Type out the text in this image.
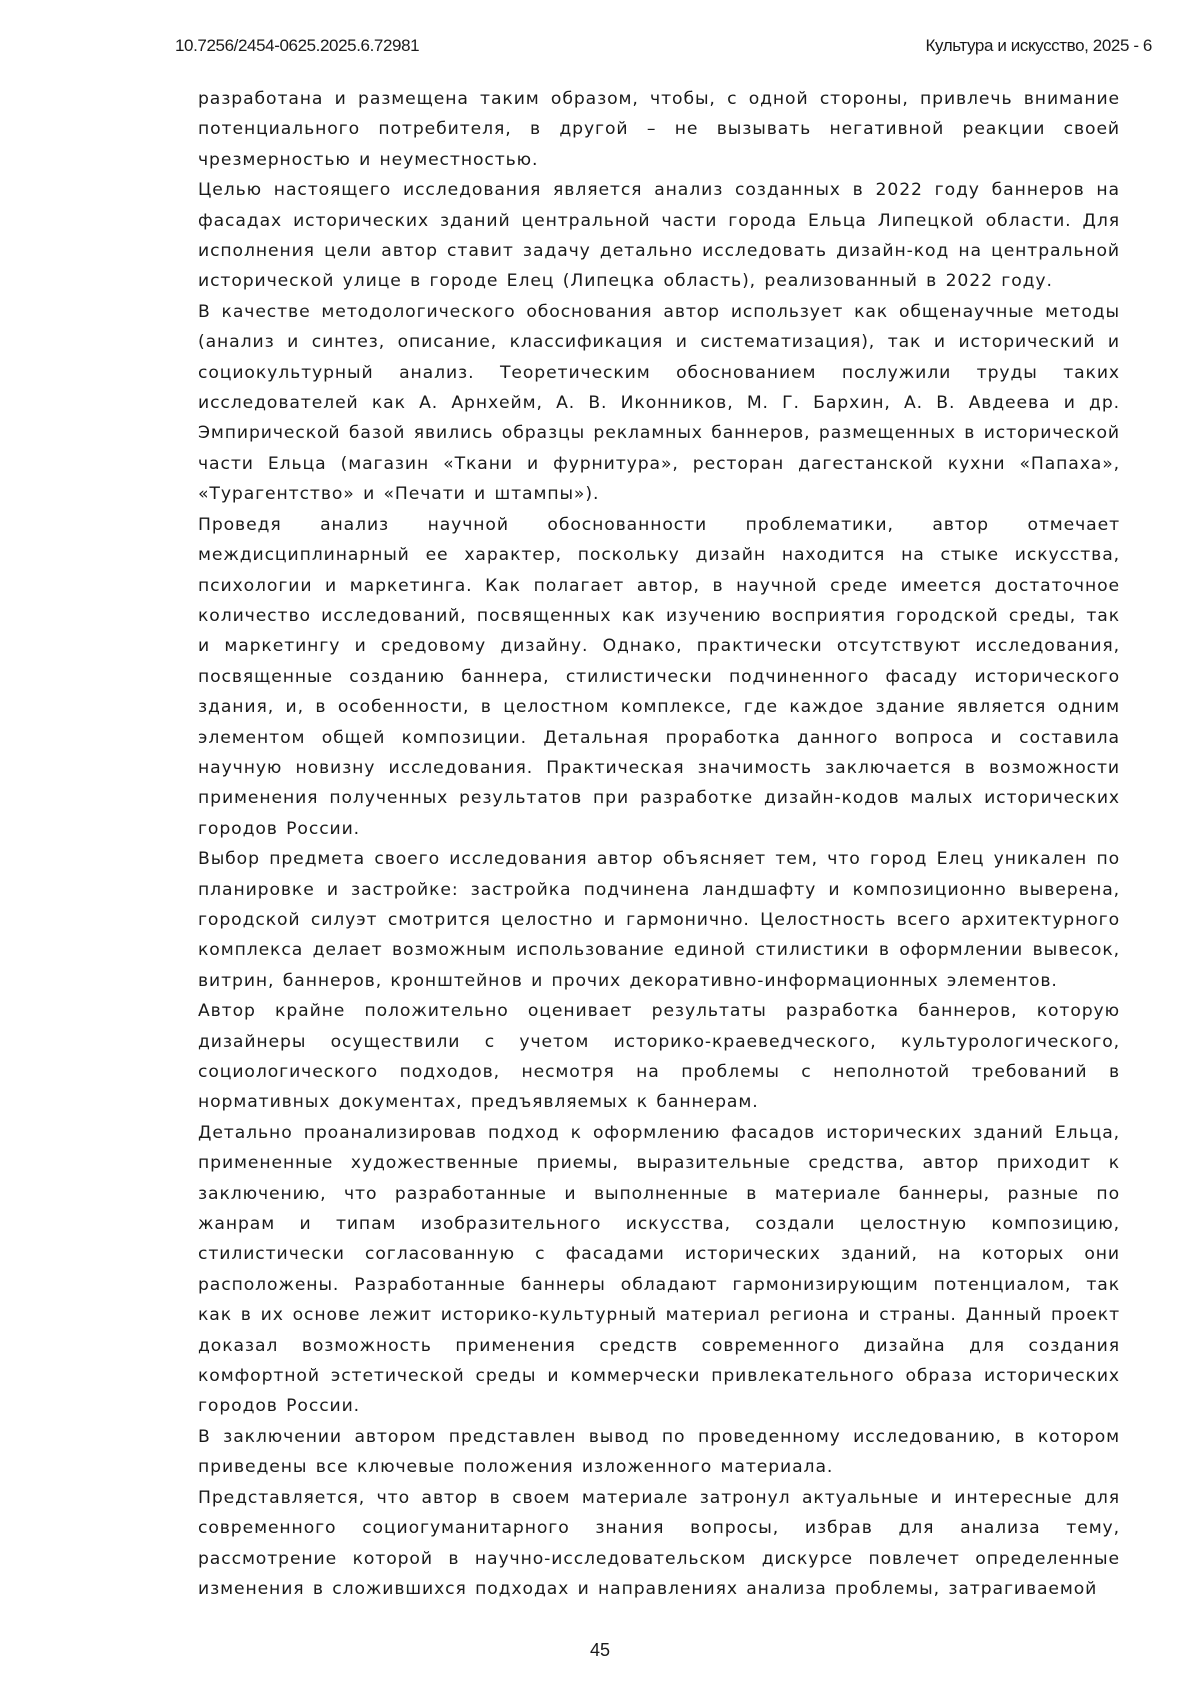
10.7256/2454-0625.2025.6.72981	Культура и искусство, 2025 - 6

разработана и размещена таким образом, чтобы, с одной стороны, привлечь внимание потенциального потребителя, в другой – не вызывать негативной реакции своей чрезмерностью и неуместностью.

Целью настоящего исследования является анализ созданных в 2022 году баннеров на фасадах исторических зданий центральной части города Ельца Липецкой области. Для исполнения цели автор ставит задачу детально исследовать дизайн-код на центральной исторической улице в городе Елец (Липецка область), реализованный в 2022 году.

В качестве методологического обоснования автор использует как общенаучные методы (анализ и синтез, описание, классификация и систематизация), так и исторический и социокультурный анализ. Теоретическим обоснованием послужили труды таких исследователей как А. Арнхейм, А. В. Иконников, М. Г. Бархин, А. В. Авдеева и др. Эмпирической базой явились образцы рекламных баннеров, размещенных в исторической части Ельца (магазин «Ткани и фурнитура», ресторан дагестанской кухни «Папаха», «Турагентство» и «Печати и штампы»).

Проведя анализ научной обоснованности проблематики, автор отмечает междисциплинарный ее характер, поскольку дизайн находится на стыке искусства, психологии и маркетинга. Как полагает автор, в научной среде имеется достаточное количество исследований, посвященных как изучению восприятия городской среды, так и маркетингу и средовому дизайну. Однако, практически отсутствуют исследования, посвященные созданию баннера, стилистически подчиненного фасаду исторического здания, и, в особенности, в целостном комплексе, где каждое здание является одним элементом общей композиции. Детальная проработка данного вопроса и составила научную новизну исследования. Практическая значимость заключается в возможности применения полученных результатов при разработке дизайн-кодов малых исторических городов России.

Выбор предмета своего исследования автор объясняет тем, что город Елец уникален по планировке и застройке: застройка подчинена ландшафту и композиционно выверена, городской силуэт смотрится целостно и гармонично. Целостность всего архитектурного комплекса делает возможным использование единой стилистики в оформлении вывесок, витрин, баннеров, кронштейнов и прочих декоративно-информационных элементов.

Автор крайне положительно оценивает результаты разработка баннеров, которую дизайнеры осуществили с учетом историко-краеведческого, культурологического, социологического подходов, несмотря на проблемы с неполнотой требований в нормативных документах, предъявляемых к баннерам.

Детально проанализировав подход к оформлению фасадов исторических зданий Ельца, примененные художественные приемы, выразительные средства, автор приходит к заключению, что разработанные и выполненные в материале баннеры, разные по жанрам и типам изобразительного искусства, создали целостную композицию, стилистически согласованную с фасадами исторических зданий, на которых они расположены. Разработанные баннеры обладают гармонизирующим потенциалом, так как в их основе лежит историко-культурный материал региона и страны. Данный проект доказал возможность применения средств современного дизайна для создания комфортной эстетической среды и коммерчески привлекательного образа исторических городов России.

В заключении автором представлен вывод по проведенному исследованию, в котором приведены все ключевые положения изложенного материала.

Представляется, что автор в своем материале затронул актуальные и интересные для современного социогуманитарного знания вопросы, избрав для анализа тему, рассмотрение которой в научно-исследовательском дискурсе повлечет определенные изменения в сложившихся подходах и направлениях анализа проблемы, затрагиваемой

45
